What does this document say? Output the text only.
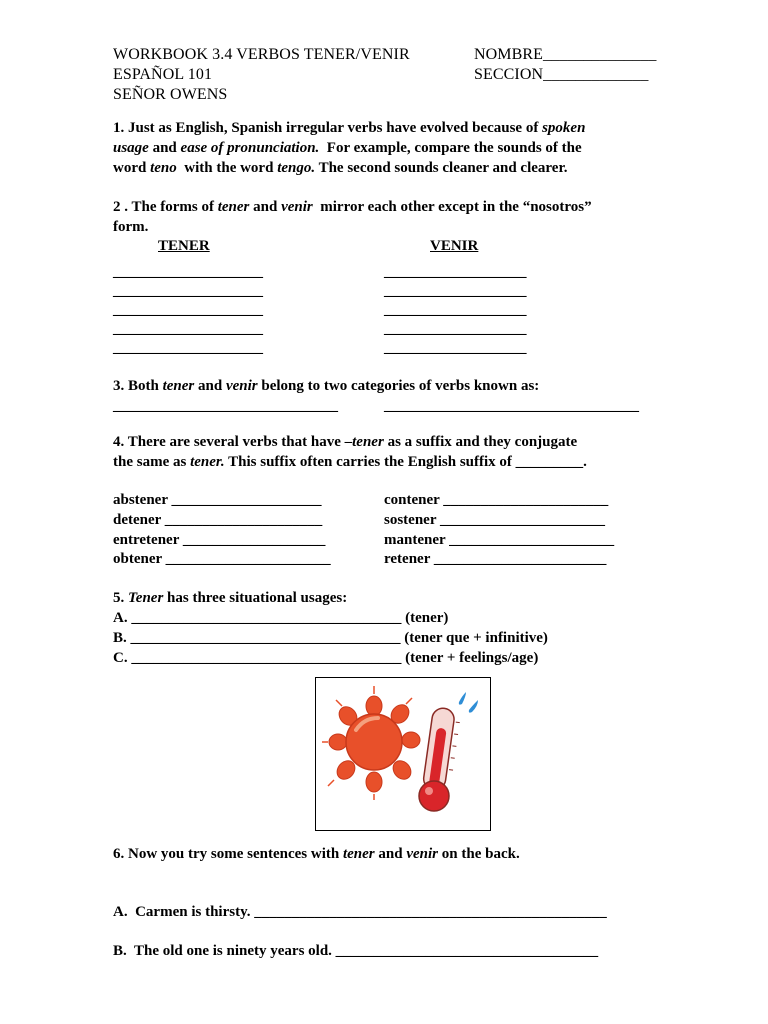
WORKBOOK 3.4 VERBOS TENER/VENIR
ESPAÑOL 101
SEÑOR OWENS
NOMBRE______________
SECCION_____________
1. Just as English, Spanish irregular verbs have evolved because of spoken
usage and ease of pronunciation.  For example, compare the sounds of the
word teno  with the word tengo. The second sounds cleaner and clearer.
2 . The forms of tener and venir  mirror each other except in the “nosotros”
form.
TENER	VENIR
____________________
____________________
____________________
____________________
____________________
___________________
___________________
___________________
___________________
___________________
3. Both tener and venir belong to two categories of verbs known as:
______________________________	__________________________________
4. There are several verbs that have –tener as a suffix and they conjugate
the same as tener. This suffix often carries the English suffix of _________.
abstener ____________________
detener _____________________
entretener ___________________
obtener ______________________
contener ______________________
sostener ______________________
mantener ______________________
retener _______________________
5. Tener has three situational usages:
A. ____________________________________ (tener)
B. ____________________________________ (tener que + infinitive)
C. ____________________________________ (tener + feelings/age)
6. Now you try some sentences with tener and venir on the back.
A.  Carmen is thirsty. _______________________________________________
B.  The old one is ninety years old. ___________________________________
